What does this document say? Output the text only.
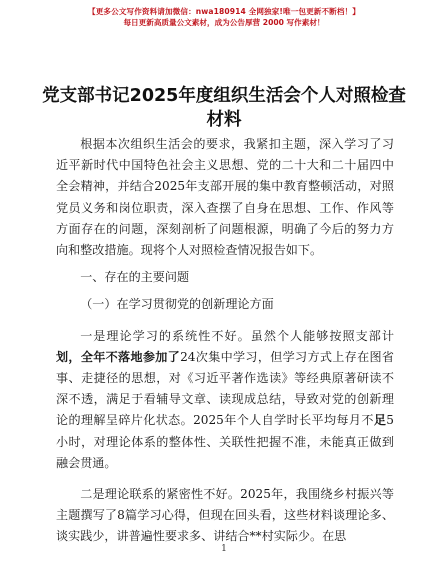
【更多公文写作资料请加微信：nwa180914 全网独家!唯一包更新不断档！】
每日更新高质量公文素材，成为公告厚营 2000 写作素材！
党支部书记2025年度组织生活会个人对照检查材料

根据本次组织生活会的要求，我紧扣主题，深入学习了习近平新时代中国特色社会主义思想、党的二十大和二十届四中全会精神，并结合2025年支部开展的集中教育整顿活动，对照党员义务和岗位职责，深入查摆了自身在思想、工作、作风等方面存在的问题，深刻剖析了问题根源，明确了今后的努力方向和整改措施。现将个人对照检查情况报告如下。

一、存在的主要问题

（一）在学习贯彻党的创新理论方面

一是理论学习的系统性不好。虽然个人能够按照支部计划，全年不落地参加了24次集中学习，但学习方式上存在图省事、走捷径的思想，对《习近平著作选读》等经典原著研读不深不透，满足于看辅导文章、读现成总结，导致对党的创新理论的理解呈碎片化状态。2025年个人自学时长平均每月不足5小时，对理论体系的整体性、关联性把握不准，未能真正做到融会贯通。

二是理论联系的紧密性不好。2025年，我围绕乡村振兴等主题撰写了8篇学习心得，但现在回头看，这些材料谈理论多、谈实践少，讲普遍性要求多、讲结合**村实际少。在思

1
